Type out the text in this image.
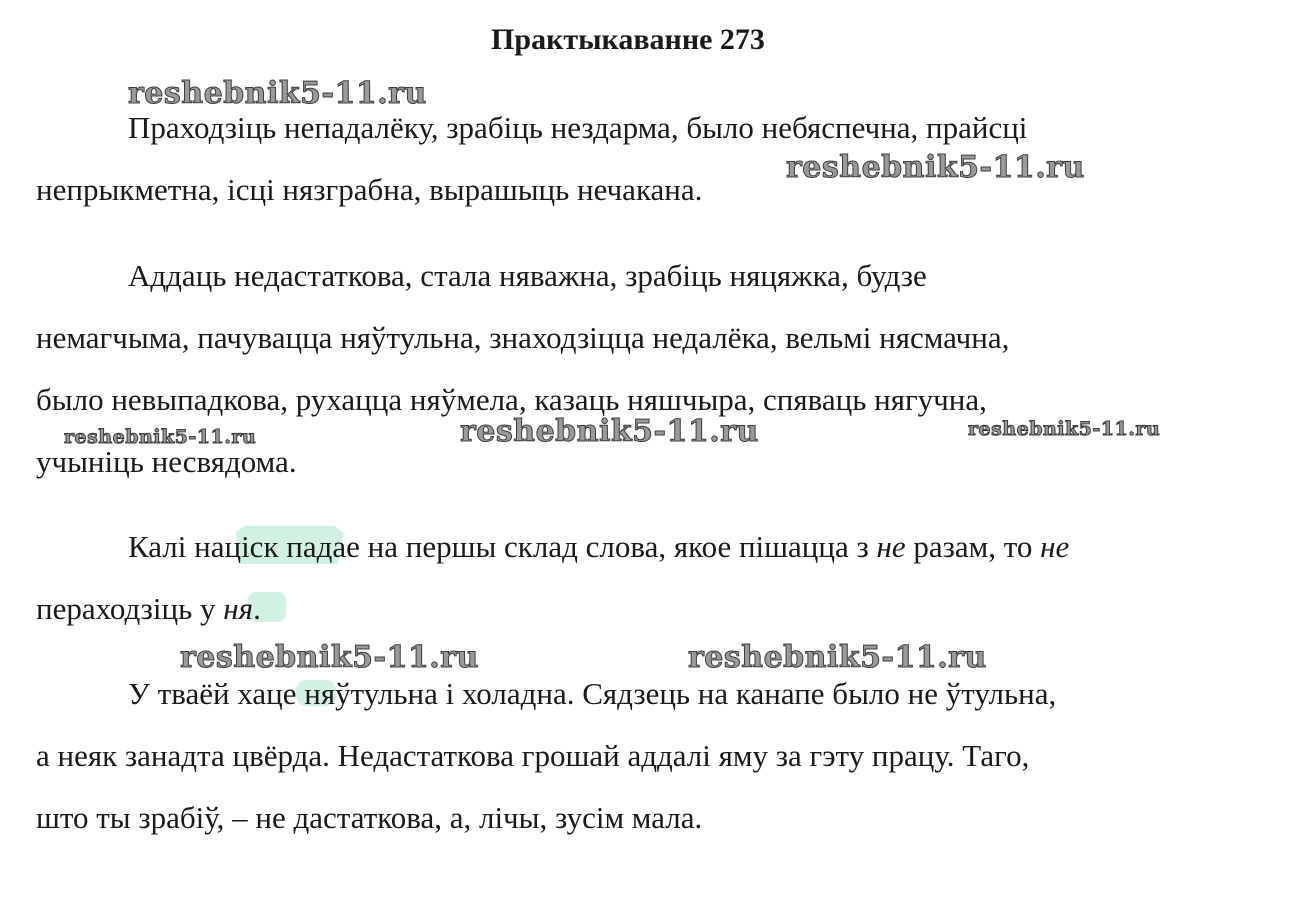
Практыкаванне 273
Праходзіць непадалёку, зрабіць нездарма, было небяспечна, прайсці
непрыкметна, ісці нязграбна, вырашыць нечакана.
Аддаць недастаткова, стала няважна, зрабіць няцяжка, будзе
немагчыма, пачувацца няўтульна, знаходзіцца недалёка, вельмі нясмачна,
было невыпадкова, рухацца няўмела, казаць няшчыра, спяваць нягучна,
учыніць несвядома.
Калі націск падае на першы склад слова, якое пішацца з не разам, то не
пераходзіць у ня.
У тваёй хаце няўтульна і холадна. Сядзець на канапе было не ўтульна,
а неяк занадта цвёрда. Недастаткова грошай аддалі яму за гэту працу. Таго,
што ты зрабіў, – не дастаткова, а, лічы, зусім мала.
reshebnik5-11.ru
reshebnik5-11.ru
reshebnik5-11.ru	reshebnik5-11.ru	reshebnik5-11.ru
reshebnik5-11.ru	reshebnik5-11.ru
